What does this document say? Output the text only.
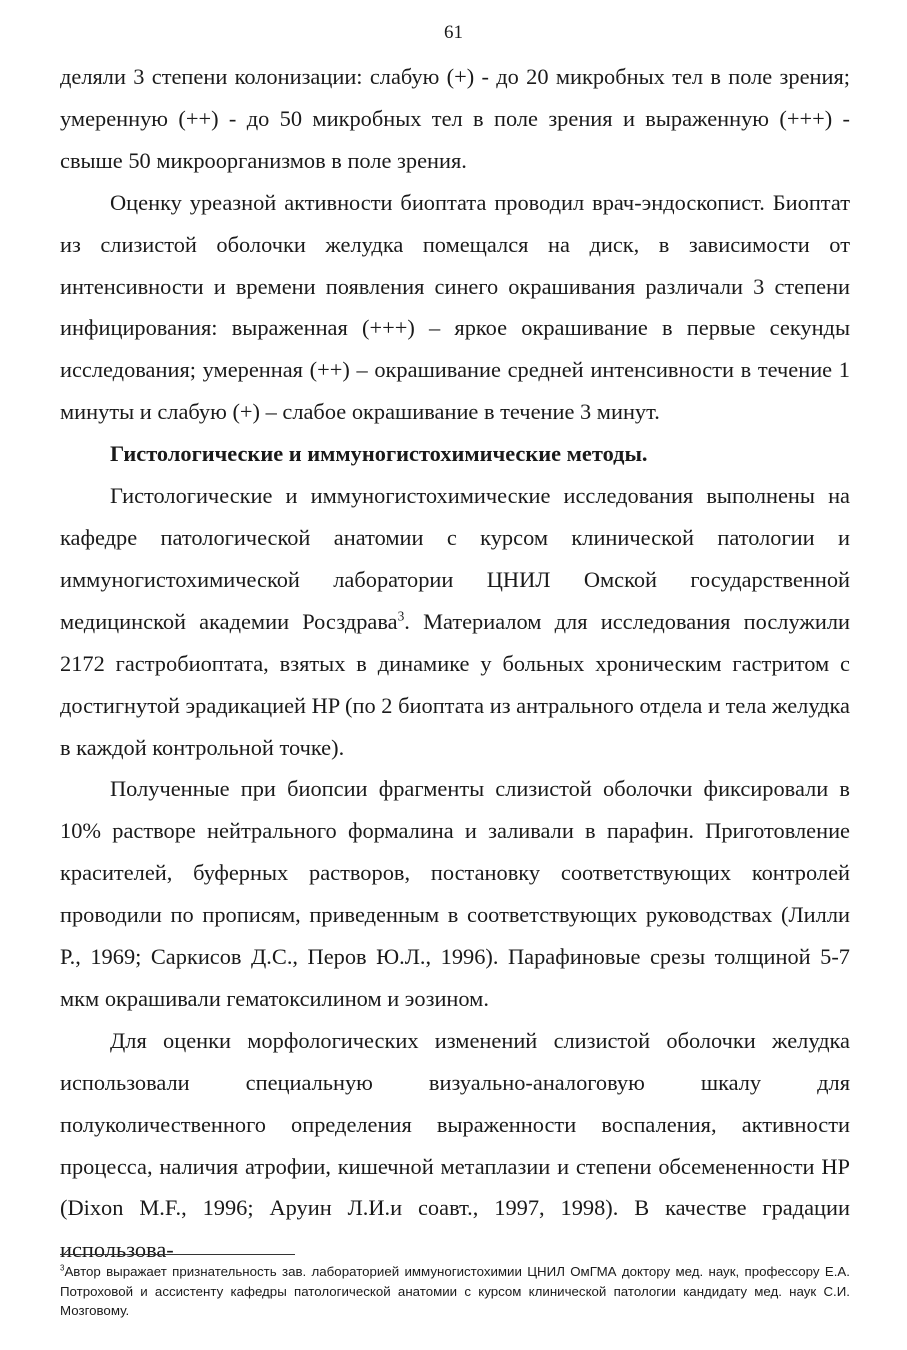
61

деляли 3 степени колонизации: слабую (+) - до 20 микробных тел в поле зрения; умеренную (++) - до 50 микробных тел в поле зрения и выраженную (+++) - свыше 50 микроорганизмов в поле зрения.

Оценку уреазной активности биоптата проводил врач-эндоскопист. Биоптат из слизистой оболочки желудка помещался на диск, в зависимости от интенсивности и времени появления синего окрашивания различали 3 степени инфицирования: выраженная (+++) – яркое окрашивание в первые секунды исследования; умеренная (++) – окрашивание средней интенсивности в течение 1 минуты и слабую (+) – слабое окрашивание в течение 3 минут.

Гистологические и иммуногистохимические методы.

Гистологические и иммуногистохимические исследования выполнены на кафедре патологической анатомии с курсом клинической патологии и иммуногистохимической лаборатории ЦНИЛ Омской государственной медицинской академии Росздрава$^3$. Материалом для исследования послужили 2172 гастробиоптата, взятых в динамике у больных хроническим гастритом с достигнутой эрадикацией HP (по 2 биоптата из антрального отдела и тела желудка в каждой контрольной точке).

Полученные при биопсии фрагменты слизистой оболочки фиксировали в 10% растворе нейтрального формалина и заливали в парафин. Приготовление красителей, буферных растворов, постановку соответствующих контролей проводили по прописям, приведенным в соответствующих руководствах (Лилли Р., 1969; Саркисов Д.С., Перов Ю.Л., 1996). Парафиновые срезы толщиной 5-7 мкм окрашивали гематоксилином и эозином.

Для оценки морфологических изменений слизистой оболочки желудка использовали специальную визуально-аналоговую шкалу для полуколичественного определения выраженности воспаления, активности процесса, наличия атрофии, кишечной метаплазии и степени обсемененности HP (Dixon M.F., 1996; Аруин Л.И.и соавт., 1997, 1998). В качестве градации использова-

$^3$Автор выражает признательность зав. лабораторией иммуногистохимии ЦНИЛ ОмГМА доктору мед. наук, профессору Е.А. Потроховой и ассистенту кафедры патологической анатомии с курсом клинической патологии кандидату мед. наук С.И. Мозговому.
